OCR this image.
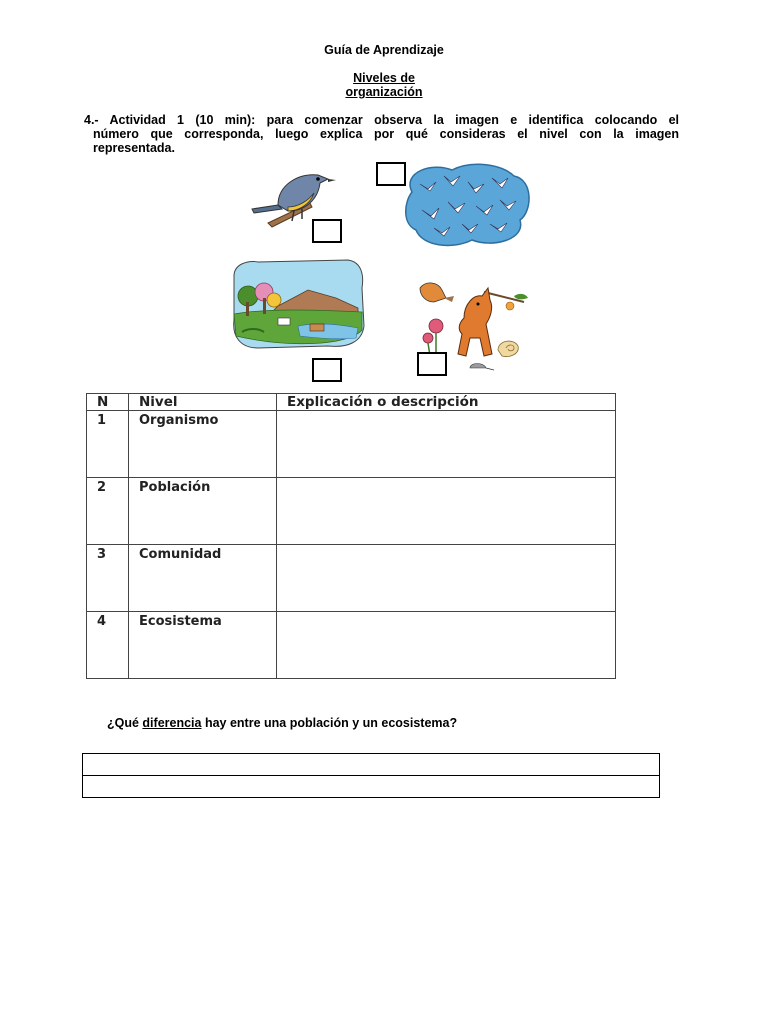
Guía de Aprendizaje
Niveles de
organización
4.- Actividad 1 (10 min): para comenzar observa la imagen e identifica colocando el
número que corresponda, luego explica por qué consideras el nivel con la imagen
representada.
N	Nivel	Explicación o descripción
1	Organismo	
2	Población	
3	Comunidad	
4	Ecosistema	
¿Qué diferencia hay entre una población y un ecosistema?
